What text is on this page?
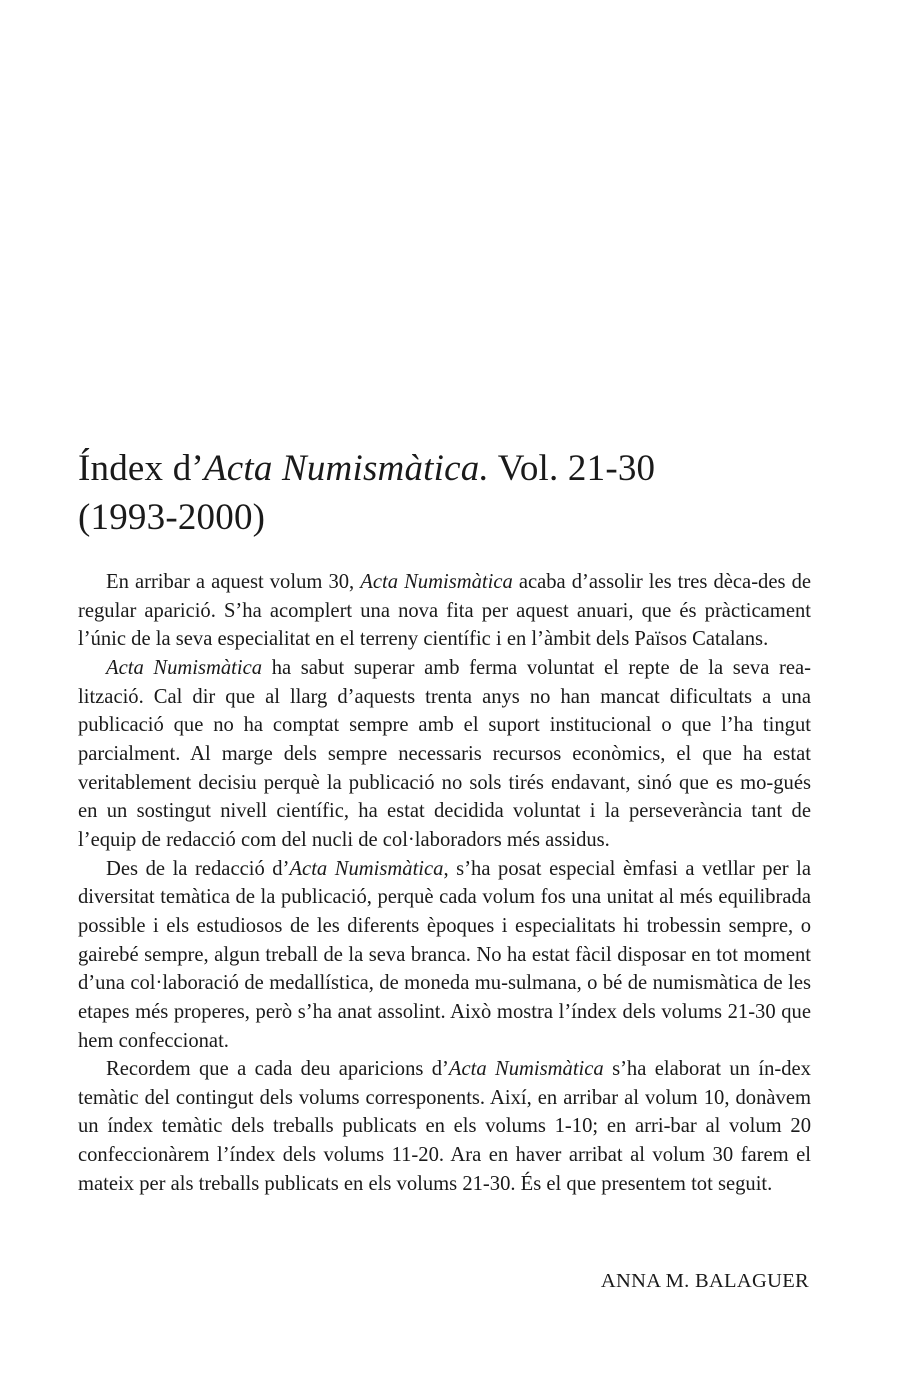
Índex d’Acta Numismàtica. Vol. 21-30
(1993-2000)

En arribar a aquest volum 30, Acta Numismàtica acaba d’assolir les tres dèca-des de regular aparició. S’ha acomplert una nova fita per aquest anuari, que és pràcticament l’únic de la seva especialitat en el terreny científic i en l’àmbit dels Països Catalans.

Acta Numismàtica ha sabut superar amb ferma voluntat el repte de la seva rea-lització. Cal dir que al llarg d’aquests trenta anys no han mancat dificultats a una publicació que no ha comptat sempre amb el suport institucional o que l’ha tingut parcialment. Al marge dels sempre necessaris recursos econòmics, el que ha estat veritablement decisiu perquè la publicació no sols tirés endavant, sinó que es mo-gués en un sostingut nivell científic, ha estat decidida voluntat i la perseverància tant de l’equip de redacció com del nucli de col·laboradors més assidus.

Des de la redacció d’Acta Numismàtica, s’ha posat especial èmfasi a vetllar per la diversitat temàtica de la publicació, perquè cada volum fos una unitat al més equilibrada possible i els estudiosos de les diferents èpoques i especialitats hi trobessin sempre, o gairebé sempre, algun treball de la seva branca. No ha estat fàcil disposar en tot moment d’una col·laboració de medallística, de moneda mu-sulmana, o bé de numismàtica de les etapes més properes, però s’ha anat assolint. Això mostra l’índex dels volums 21-30 que hem confeccionat.

Recordem que a cada deu aparicions d’Acta Numismàtica s’ha elaborat un ín-dex temàtic del contingut dels volums corresponents. Així, en arribar al volum 10, donàvem un índex temàtic dels treballs publicats en els volums 1-10; en arri-bar al volum 20 confeccionàrem l’índex dels volums 11-20. Ara en haver arribat al volum 30 farem el mateix per als treballs publicats en els volums 21-30. És el que presentem tot seguit.

ANNA M. BALAGUER
